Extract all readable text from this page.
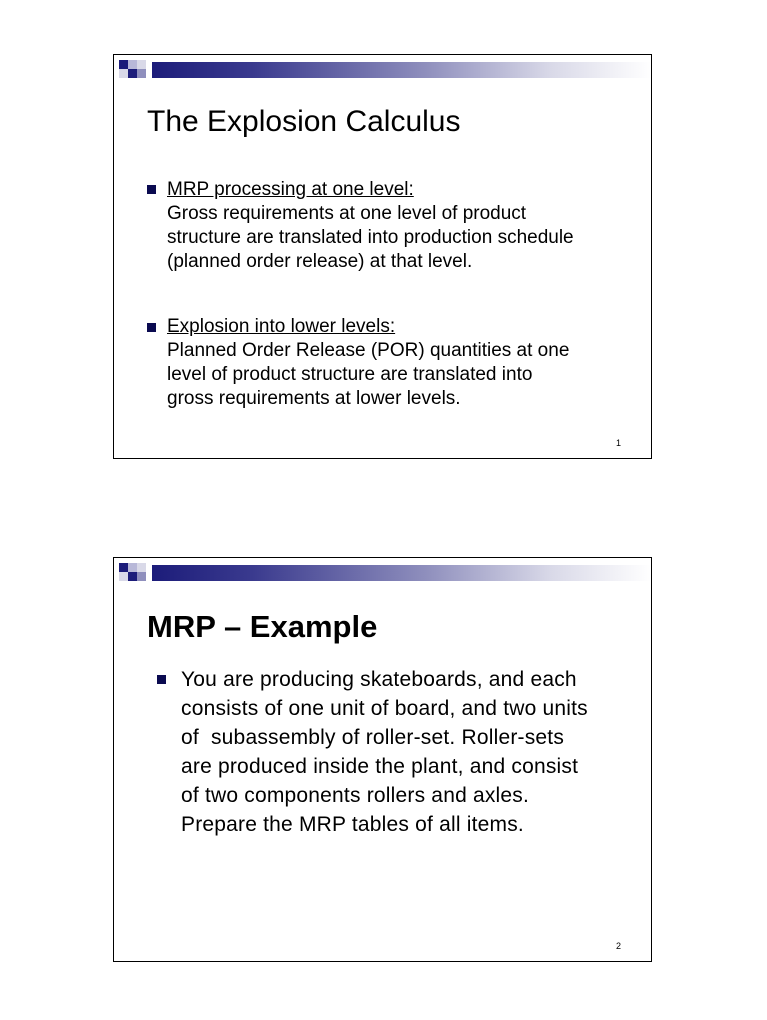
The Explosion Calculus
MRP processing at one level:
Gross requirements at one level of product
structure are translated into production schedule
(planned order release) at that level.
Explosion into lower levels:
Planned Order Release (POR) quantities at one
level of product structure are translated into
gross requirements at lower levels.
1
MRP – Example
You are producing skateboards, and each
consists of one unit of board, and two units
of  subassembly of roller-set. Roller-sets
are produced inside the plant, and consist
of two components rollers and axles.
Prepare the MRP tables of all items.
2
